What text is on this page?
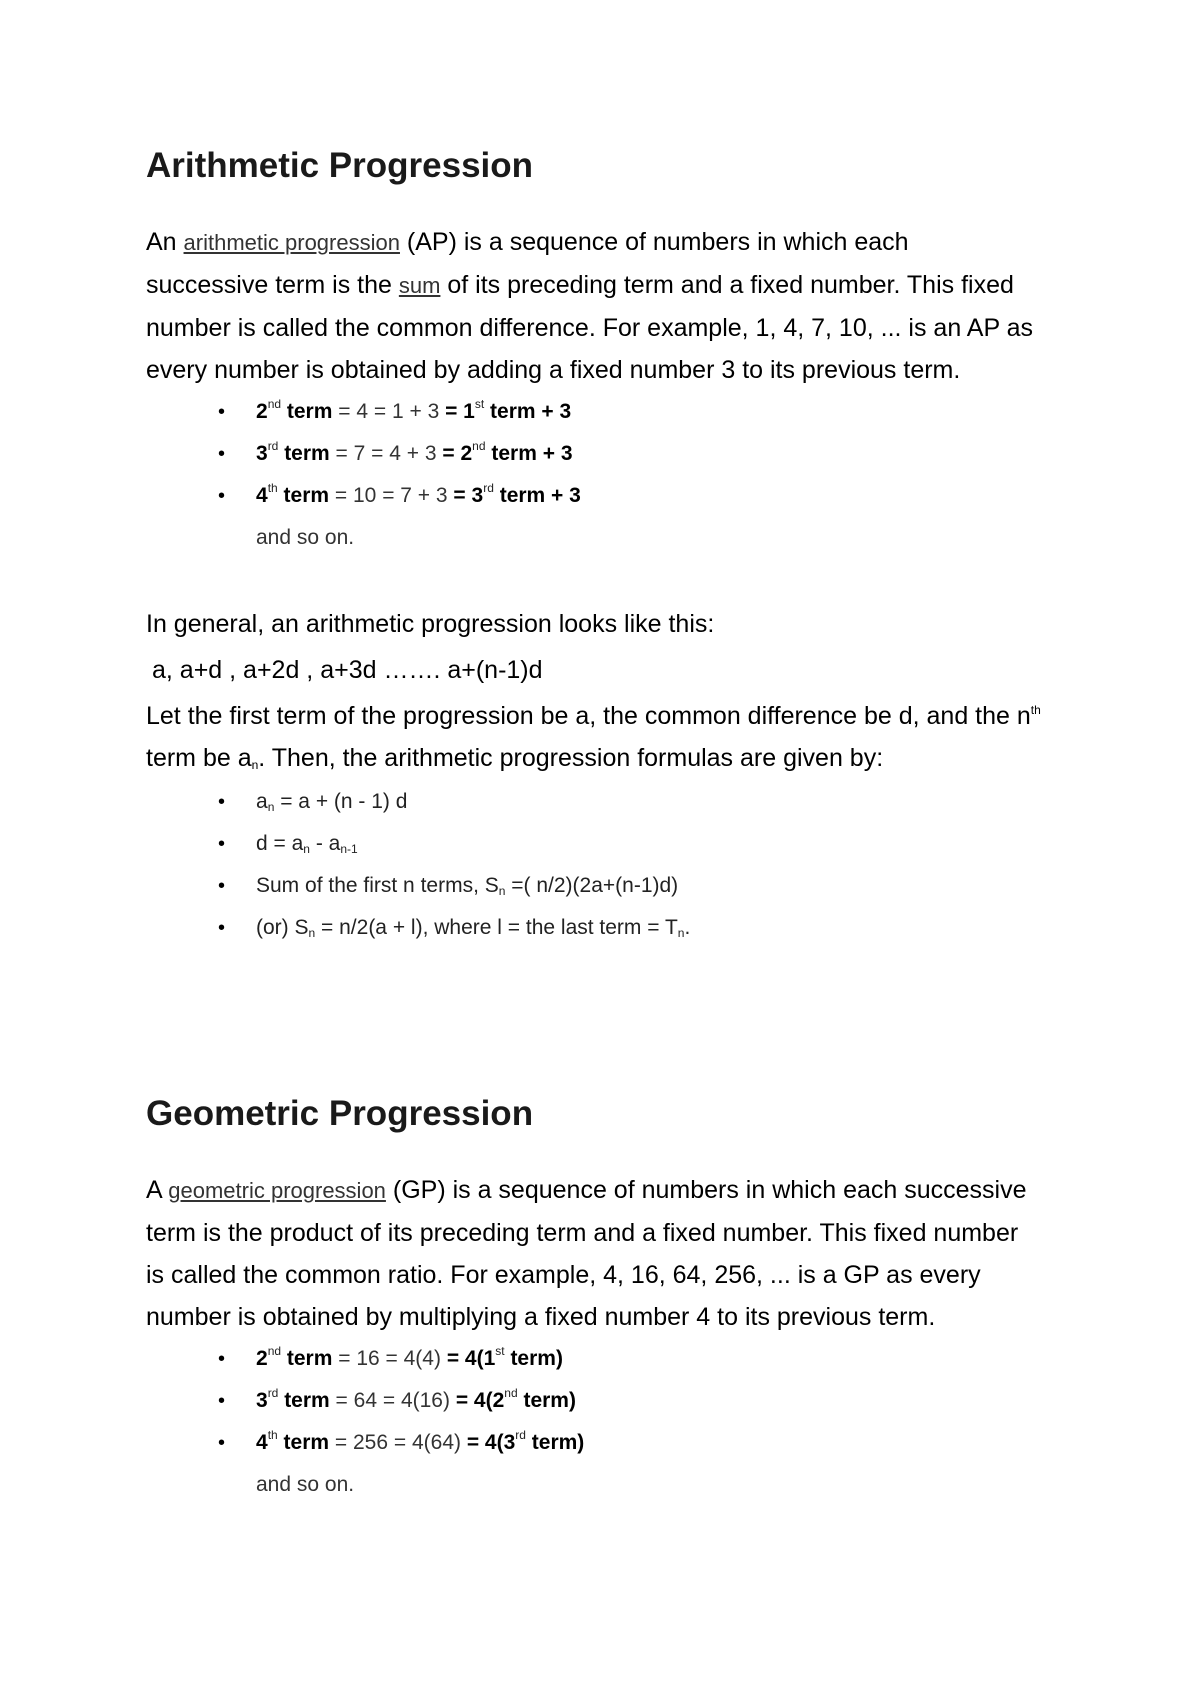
Arithmetic Progression

An arithmetic progression (AP) is a sequence of numbers in which each successive term is the sum of its preceding term and a fixed number. This fixed number is called the common difference. For example, 1, 4, 7, 10, ... is an AP as every number is obtained by adding a fixed number 3 to its previous term.

• 2nd term = 4 = 1 + 3 = 1st term + 3
• 3rd term = 7 = 4 + 3 = 2nd term + 3
• 4th term = 10 = 7 + 3 = 3rd term + 3
and so on.

In general, an arithmetic progression looks like this:

a, a+d , a+2d , a+3d ……. a+(n-1)d

Let the first term of the progression be a, the common difference be d, and the $n^{th}$ term be $a_n$. Then, the arithmetic progression formulas are given by:

• $a_n = a + (n - 1)$ d
• $d = a_n - a_{n-1}$
• Sum of the first n terms, $S_n$ =( n/2)(2a+(n-1)d)
• (or) $S_n = n/2(a + l)$, where l = the last term = $T_n$.
Geometric Progression

A geometric progression (GP) is a sequence of numbers in which each successive term is the product of its preceding term and a fixed number. This fixed number is called the common ratio. For example, 4, 16, 64, 256, ... is a GP as every number is obtained by multiplying a fixed number 4 to its previous term.

• 2nd term = 16 = 4(4) = 4(1st term)
• 3rd term = 64 = 4(16) = 4(2nd term)
• 4th term = 256 = 4(64) = 4(3rd term)
and so on.
